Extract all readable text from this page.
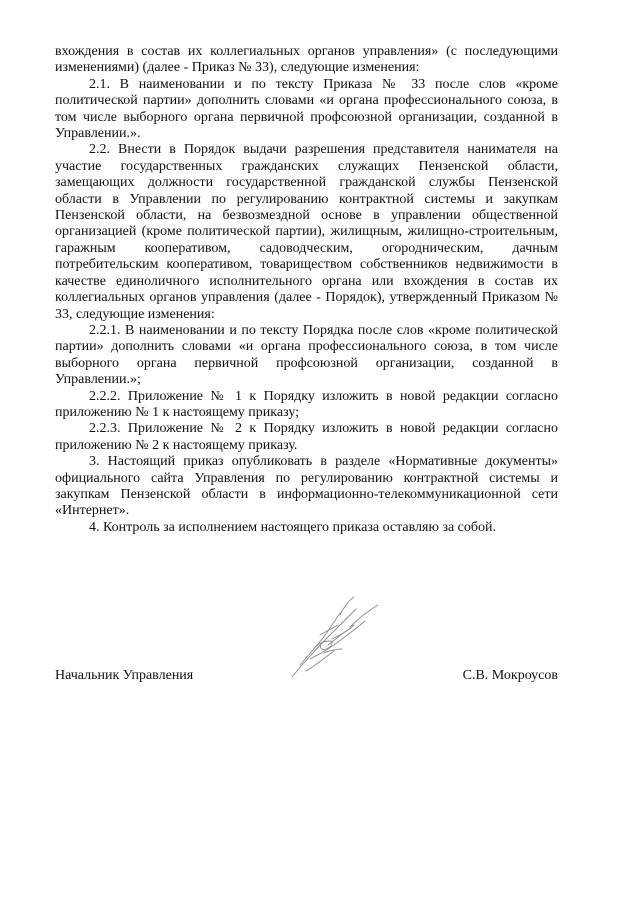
вхождения в состав их коллегиальных органов управления» (с последующими изменениями) (далее - Приказ № 33), следующие изменения:

2.1. В наименовании и по тексту Приказа № 33 после слов «кроме политической партии» дополнить словами «и органа профессионального союза, в том числе выборного органа первичной профсоюзной организации, созданной в Управлении.».

2.2. Внести в Порядок выдачи разрешения представителя нанимателя на участие государственных гражданских служащих Пензенской области, замещающих должности государственной гражданской службы Пензенской области в Управлении по регулированию контрактной системы и закупкам Пензенской области, на безвозмездной основе в управлении общественной организацией (кроме политической партии), жилищным, жилищно-строительным, гаражным кооперативом, садоводческим, огородническим, дачным потребительским кооперативом, товариществом собственников недвижимости в качестве единоличного исполнительного органа или вхождения в состав их коллегиальных органов управления (далее - Порядок), утвержденный Приказом № 33, следующие изменения:

2.2.1. В наименовании и по тексту Порядка после слов «кроме политической партии» дополнить словами «и органа профессионального союза, в том числе выборного органа первичной профсоюзной организации, созданной в Управлении.»;

2.2.2. Приложение № 1 к Порядку изложить в новой редакции согласно приложению № 1 к настоящему приказу;

2.2.3. Приложение № 2 к Порядку изложить в новой редакции согласно приложению № 2 к настоящему приказу.

3. Настоящий приказ опубликовать в разделе «Нормативные документы» официального сайта Управления по регулированию контрактной системы и закупкам Пензенской области в информационно-телекоммуникационной сети «Интернет».

4. Контроль за исполнением настоящего приказа оставляю за собой.

Начальник Управления	С.В. Мокроусов
